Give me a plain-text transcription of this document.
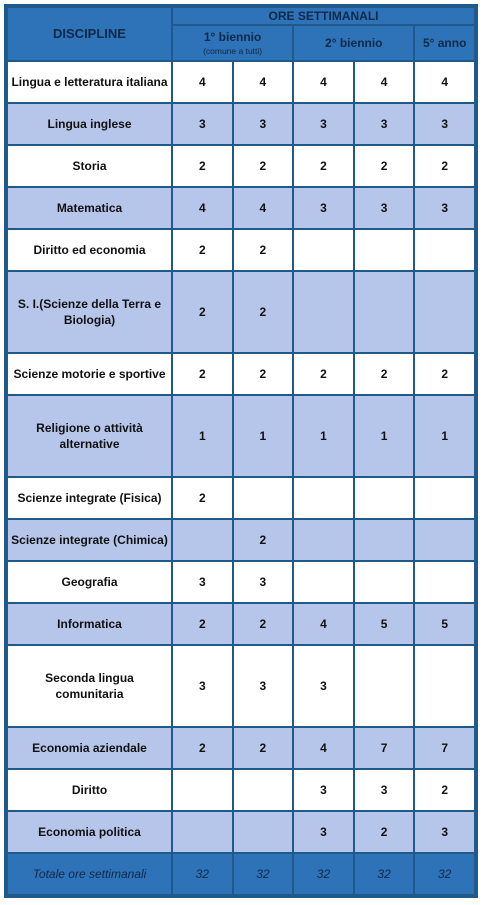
DISCIPLINE	ORE SETTIMANALI				
	1° biennio
(comune a tutti)		2° biennio		5° anno
Lingua e letteratura italiana	4	4	4	4	4
Lingua inglese	3	3	3	3	3
Storia	2	2	2	2	2
Matematica	4	4	3	3	3
Diritto ed economia	2	2			
S. I.(Scienze della Terra e Biologia)	2	2			
Scienze motorie e sportive	2	2	2	2	2
Religione o attività alternative	1	1	1	1	1
Scienze integrate (Fisica)	2				
Scienze integrate (Chimica)		2			
Geografia	3	3			
Informatica	2	2	4	5	5
Seconda lingua comunitaria	3	3	3		
Economia aziendale	2	2	4	7	7
Diritto			3	3	2
Economia politica			3	2	3
Totale ore settimanali	32	32	32	32	32
